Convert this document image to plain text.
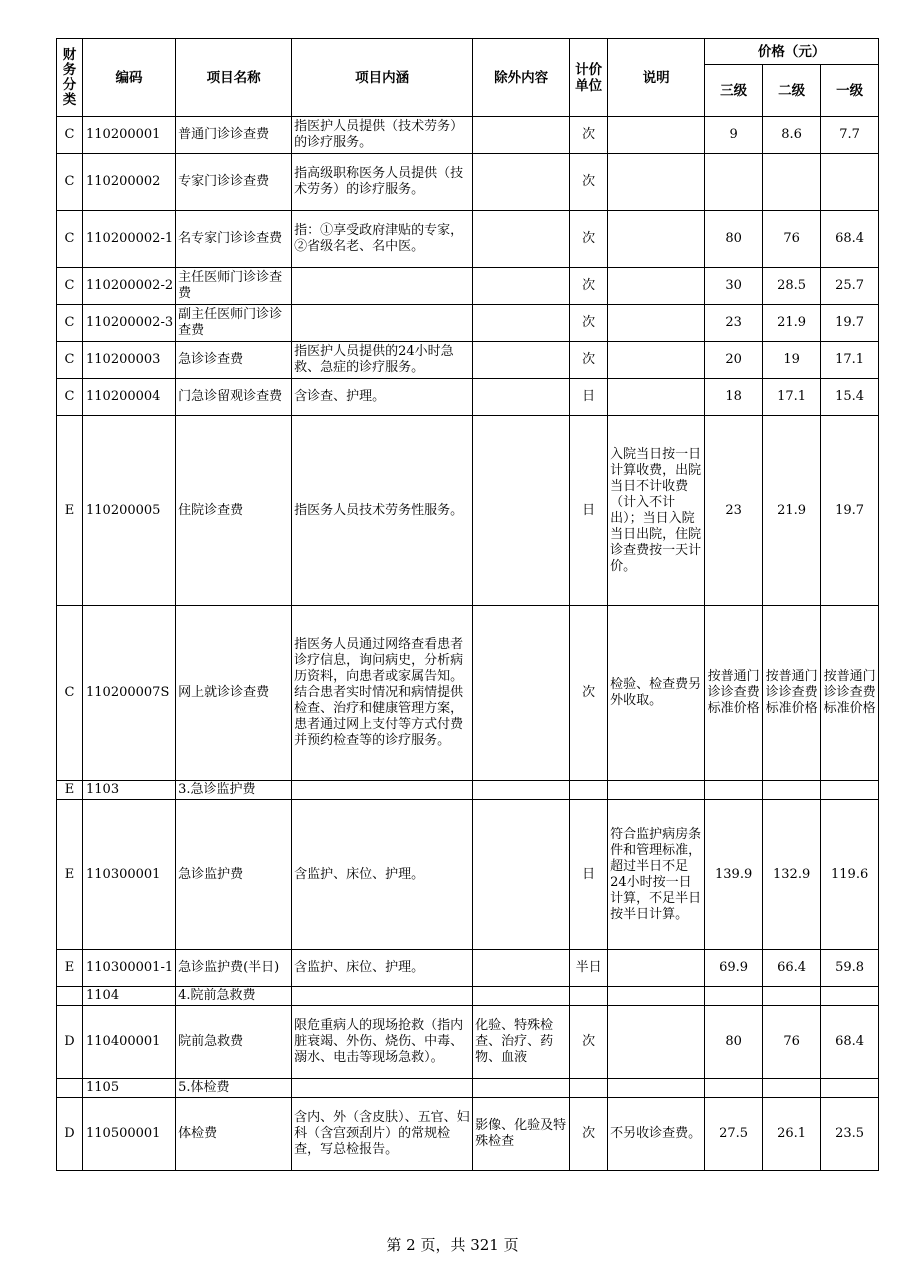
财务分类	编码	项目名称	项目内涵	除外内容	计价单位	说明	价格（元）		
							三级	二级	一级
C	110200001	普通门诊诊查费	指医护人员提供（技术劳务）的诊疗服务。		次		9	8.6	7.7
C	110200002	专家门诊诊查费	指高级职称医务人员提供（技术劳务）的诊疗服务。		次				
C	110200002-1	名专家门诊诊查费	指：①享受政府津贴的专家，②省级名老、名中医。		次		80	76	68.4
C	110200002-2	主任医师门诊诊查费			次		30	28.5	25.7
C	110200002-3	副主任医师门诊诊查费			次		23	21.9	19.7
C	110200003	急诊诊查费	指医护人员提供的24小时急救、急症的诊疗服务。		次		20	19	17.1
C	110200004	门急诊留观诊查费	含诊查、护理。		日		18	17.1	15.4
E	110200005	住院诊查费	指医务人员技术劳务性服务。		日	入院当日按一日计算收费，出院当日不计收费（计入不计出）；当日入院当日出院，住院诊查费按一天计价。	23	21.9	19.7
C	110200007S	网上就诊诊查费	指医务人员通过网络查看患者诊疗信息，询问病史，分析病历资料，向患者或家属告知。结合患者实时情况和病情提供检查、治疗和健康管理方案，患者通过网上支付等方式付费并预约检查等的诊疗服务。		次	检验、检查费另外收取。	按普通门诊诊查费标准价格	按普通门诊诊查费标准价格	按普通门诊诊查费标准价格
E	1103	3.急诊监护费							
E	110300001	急诊监护费	含监护、床位、护理。		日	符合监护病房条件和管理标准，超过半日不足24小时按一日计算，不足半日按半日计算。	139.9	132.9	119.6
E	110300001-1	急诊监护费(半日)	含监护、床位、护理。		半日		69.9	66.4	59.8
	1104	4.院前急救费							
D	110400001	院前急救费	限危重病人的现场抢救（指内脏衰竭、外伤、烧伤、中毒、溺水、电击等现场急救）。	化验、特殊检查、治疗、药物、血液	次		80	76	68.4
	1105	5.体检费							
D	110500001	体检费	含内、外（含皮肤）、五官、妇科（含宫颈刮片）的常规检查，写总检报告。	影像、化验及特殊检查	次	不另收诊查费。	27.5	26.1	23.5
第 2 页，共 321 页
